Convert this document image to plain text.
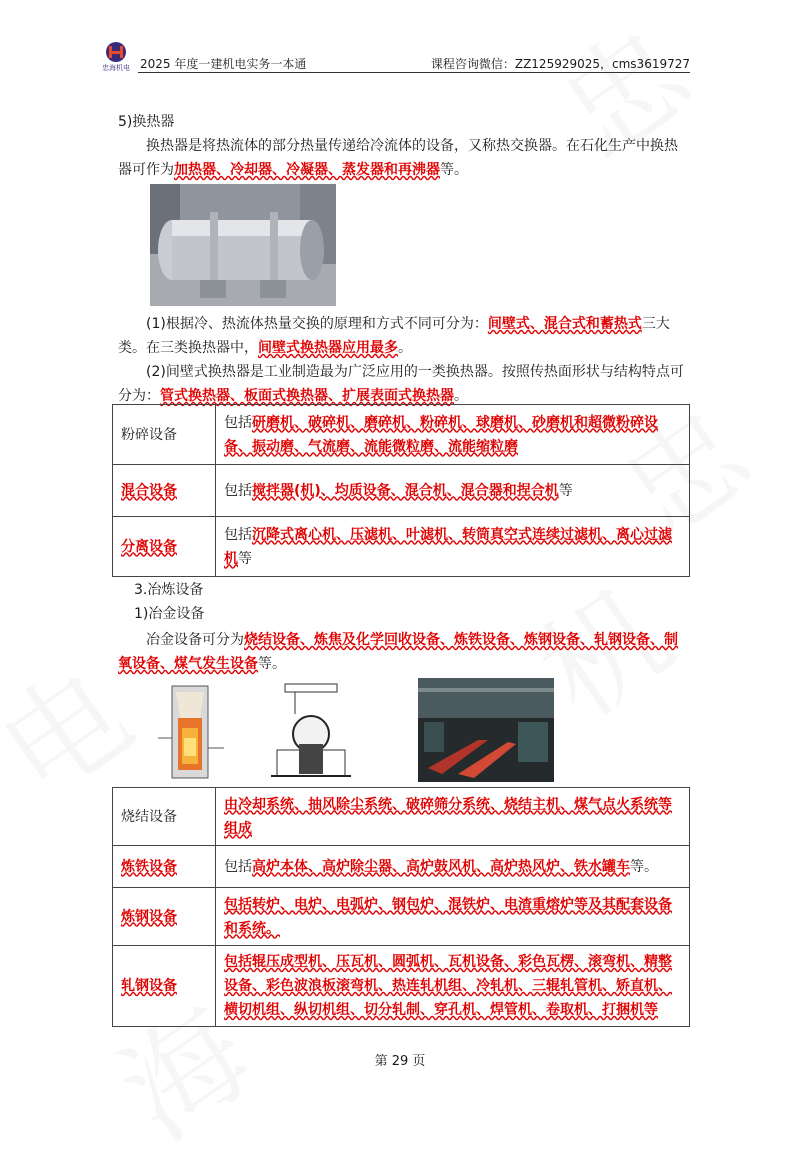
忠海机电 2025 年度一建机电实务一本通	课程咨询微信：ZZ125929025，cms3619727
5)换热器
换热器是将热流体的部分热量传递给冷流体的设备，又称热交换器。在石化生产中换热器可作为加热器、冷却器、冷凝器、蒸发器和再沸器等。
(1)根据冷、热流体热量交换的原理和方式不同可分为：间壁式、混合式和蓄热式三大类。在三类换热器中，间壁式换热器应用最多。
(2)间壁式换热器是工业制造最为广泛应用的一类换热器。按照传热面形状与结构特点可分为：管式换热器、板面式换热器、扩展表面式换热器。
粉碎设备	包括研磨机、破碎机、磨碎机、粉碎机、球磨机、砂磨机和超微粉碎设备、振动磨、气流磨、流能微粒磨、流能缩粒磨
混合设备	包括搅拌器(机)、均质设备、混合机、混合器和捏合机等
分离设备	包括沉降式离心机、压滤机、叶滤机、转筒真空式连续过滤机、离心过滤机等
3.冶炼设备
1)冶金设备
冶金设备可分为烧结设备、炼焦及化学回收设备、炼铁设备、炼钢设备、轧钢设备、制氧设备、煤气发生设备等。
烧结设备	由冷却系统、抽风除尘系统、破碎筛分系统、烧结主机、煤气点火系统等组成
炼铁设备	包括高炉本体、高炉除尘器、高炉鼓风机、高炉热风炉、铁水罐车等。
炼钢设备	包括转炉、电炉、电弧炉、钢包炉、混铁炉、电渣重熔炉等及其配套设备和系统。
轧钢设备	包括辊压成型机、压瓦机、圆弧机、瓦机设备、彩色瓦楞、滚弯机、精整设备、彩色波浪板滚弯机、热连轧机组、冷轧机、三辊轧管机、矫直机、横切机组、纵切机组、切分轧制、穿孔机、焊管机、卷取机、打捆机等
第 29 页
